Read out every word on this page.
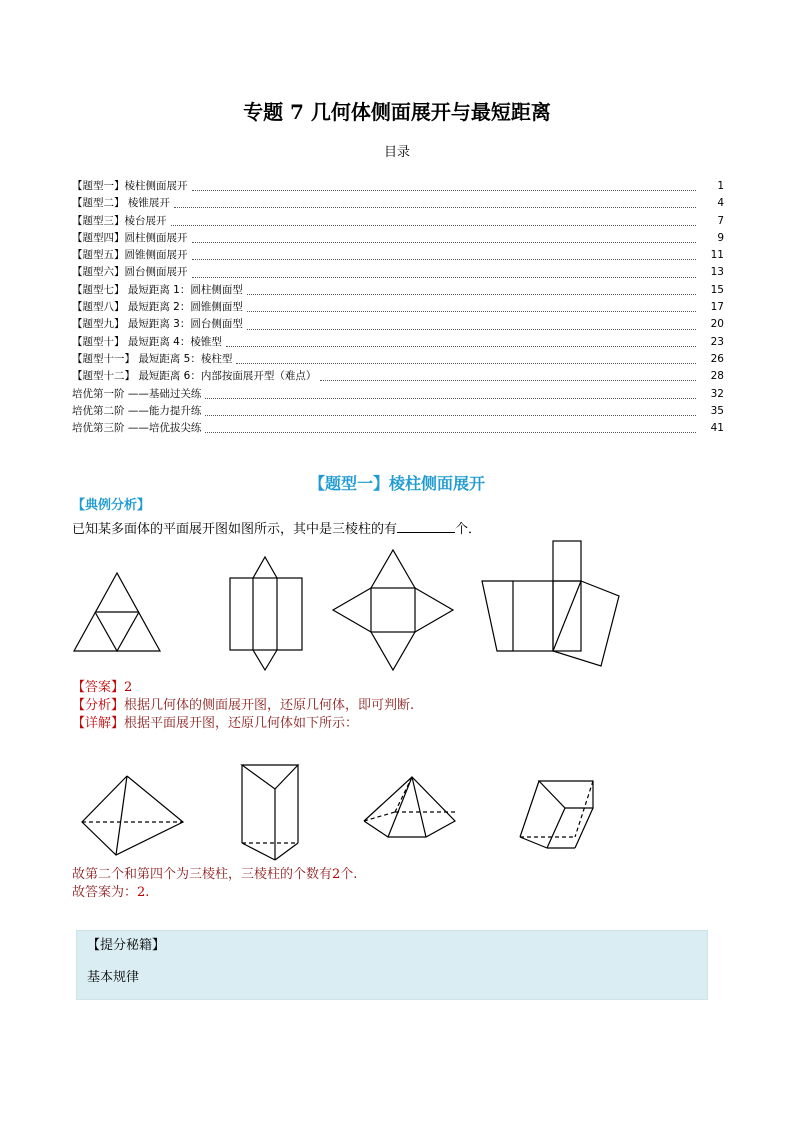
专题 7 几何体侧面展开与最短距离
目录
【题型一】棱柱侧面展开	1
【题型二】 棱锥展开	4
【题型三】棱台展开	7
【题型四】圆柱侧面展开	9
【题型五】圆锥侧面展开	11
【题型六】圆台侧面展开	13
【题型七】 最短距离 1：圆柱侧面型	15
【题型八】 最短距离 2：圆锥侧面型	17
【题型九】 最短距离 3：圆台侧面型	20
【题型十】 最短距离 4：棱锥型	23
【题型十一】 最短距离 5：棱柱型	26
【题型十二】 最短距离 6：内部按面展开型（难点）	28
培优第一阶 ——基础过关练	32
培优第二阶 ——能力提升练	35
培优第三阶 ——培优拔尖练	41
【题型一】棱柱侧面展开
【典例分析】
已知某多面体的平面展开图如图所示，其中是三棱柱的有	个．
【答案】2
【分析】根据几何体的侧面展开图，还原几何体，即可判断.
【详解】根据平面展开图，还原几何体如下所示：
故第二个和第四个为三棱柱，三棱柱的个数有2个.
故答案为：2.
【提分秘籍】
基本规律
